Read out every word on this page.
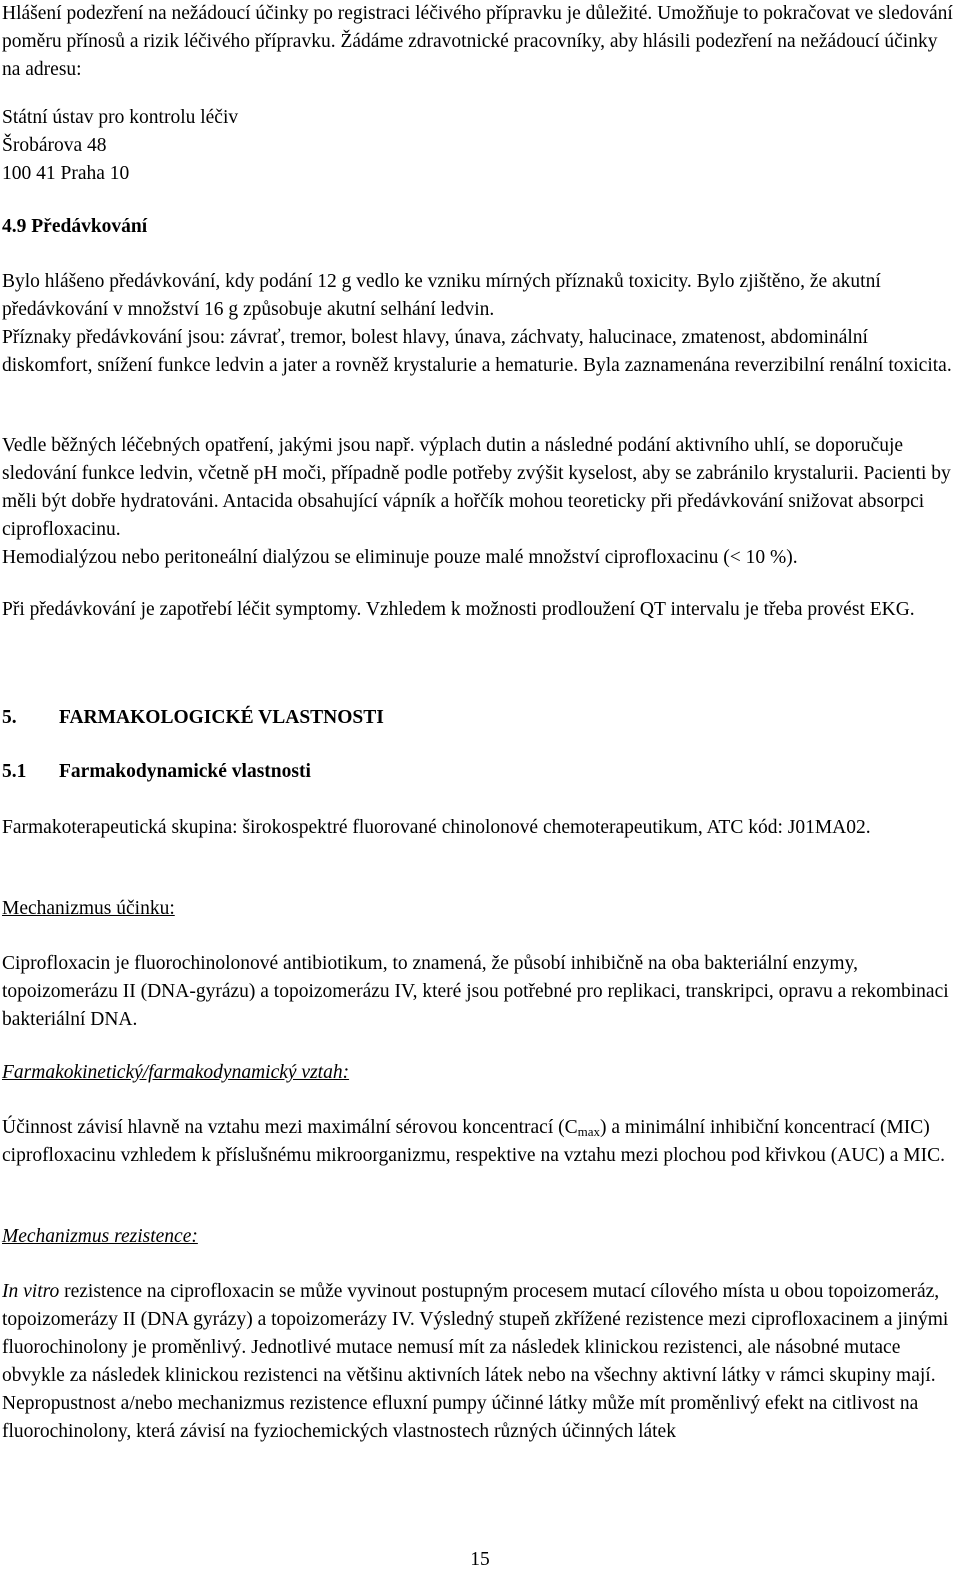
Hlášení podezření na nežádoucí účinky po registraci léčivého přípravku je důležité. Umožňuje to pokračovat ve sledování poměru přínosů a rizik léčivého přípravku. Žádáme zdravotnické pracovníky, aby hlásili podezření na nežádoucí účinky na adresu:

Státní ústav pro kontrolu léčiv

Šrobárova 48

100 41 Praha 10

4.9 Předávkování

Bylo hlášeno předávkování, kdy podání 12 g vedlo ke vzniku mírných příznaků toxicity. Bylo zjištěno, že akutní předávkování v množství 16 g způsobuje akutní selhání ledvin.

Příznaky předávkování jsou: závrať, tremor, bolest hlavy, únava, záchvaty, halucinace, zmatenost, abdominální diskomfort, snížení funkce ledvin a jater a rovněž krystalurie a hematurie. Byla zaznamenána reverzibilní renální toxicita.

Vedle běžných léčebných opatření, jakými jsou např. výplach dutin a následné podání aktivního uhlí, se doporučuje sledování funkce ledvin, včetně pH moči, případně podle potřeby zvýšit kyselost, aby se zabránilo krystalurii. Pacienti by měli být dobře hydratováni. Antacida obsahující vápník a hořčík mohou teoreticky při předávkování snižovat absorpci ciprofloxacinu.

Hemodialýzou nebo peritoneální dialýzou se eliminuje pouze malé množství ciprofloxacinu (< 10 %).

Při předávkování je zapotřebí léčit symptomy. Vzhledem k možnosti prodloužení QT intervalu je třeba provést EKG.

5. FARMAKOLOGICKÉ VLASTNOSTI

5.1 Farmakodynamické vlastnosti

Farmakoterapeutická skupina: širokospektré fluorované chinolonové chemoterapeutikum, ATC kód: J01MA02.

Mechanizmus účinku:

Ciprofloxacin je fluorochinolonové antibiotikum, to znamená, že působí inhibičně na oba bakteriální enzymy, topoizomerázu II (DNA-gyrázu) a topoizomerázu IV, které jsou potřebné pro replikaci, transkripci, opravu a rekombinaci bakteriální DNA.

Farmakokinetický/farmakodynamický vztah:

Účinnost závisí hlavně na vztahu mezi maximální sérovou koncentrací $(C_{max})$ a minimální inhibiční koncentrací (MIC) ciprofloxacinu vzhledem k příslušnému mikroorganizmu, respektive na vztahu mezi plochou pod křivkou (AUC) a MIC.

Mechanizmus rezistence:

In vitro rezistence na ciprofloxacin se může vyvinout postupným procesem mutací cílového místa u obou topoizomeráz, topoizomerázy II (DNA gyrázy) a topoizomerázy IV. Výsledný stupeň zkřížené rezistence mezi ciprofloxacinem a jinými fluorochinolony je proměnlivý. Jednotlivé mutace nemusí mít za následek klinickou rezistenci, ale násobné mutace obvykle za následek klinickou rezistenci na většinu aktivních látek nebo na všechny aktivní látky v rámci skupiny mají.

Nepropustnost a/nebo mechanizmus rezistence efluxní pumpy účinné látky může mít proměnlivý efekt na citlivost na fluorochinolony, která závisí na fyziochemických vlastnostech různých účinných látek

15
